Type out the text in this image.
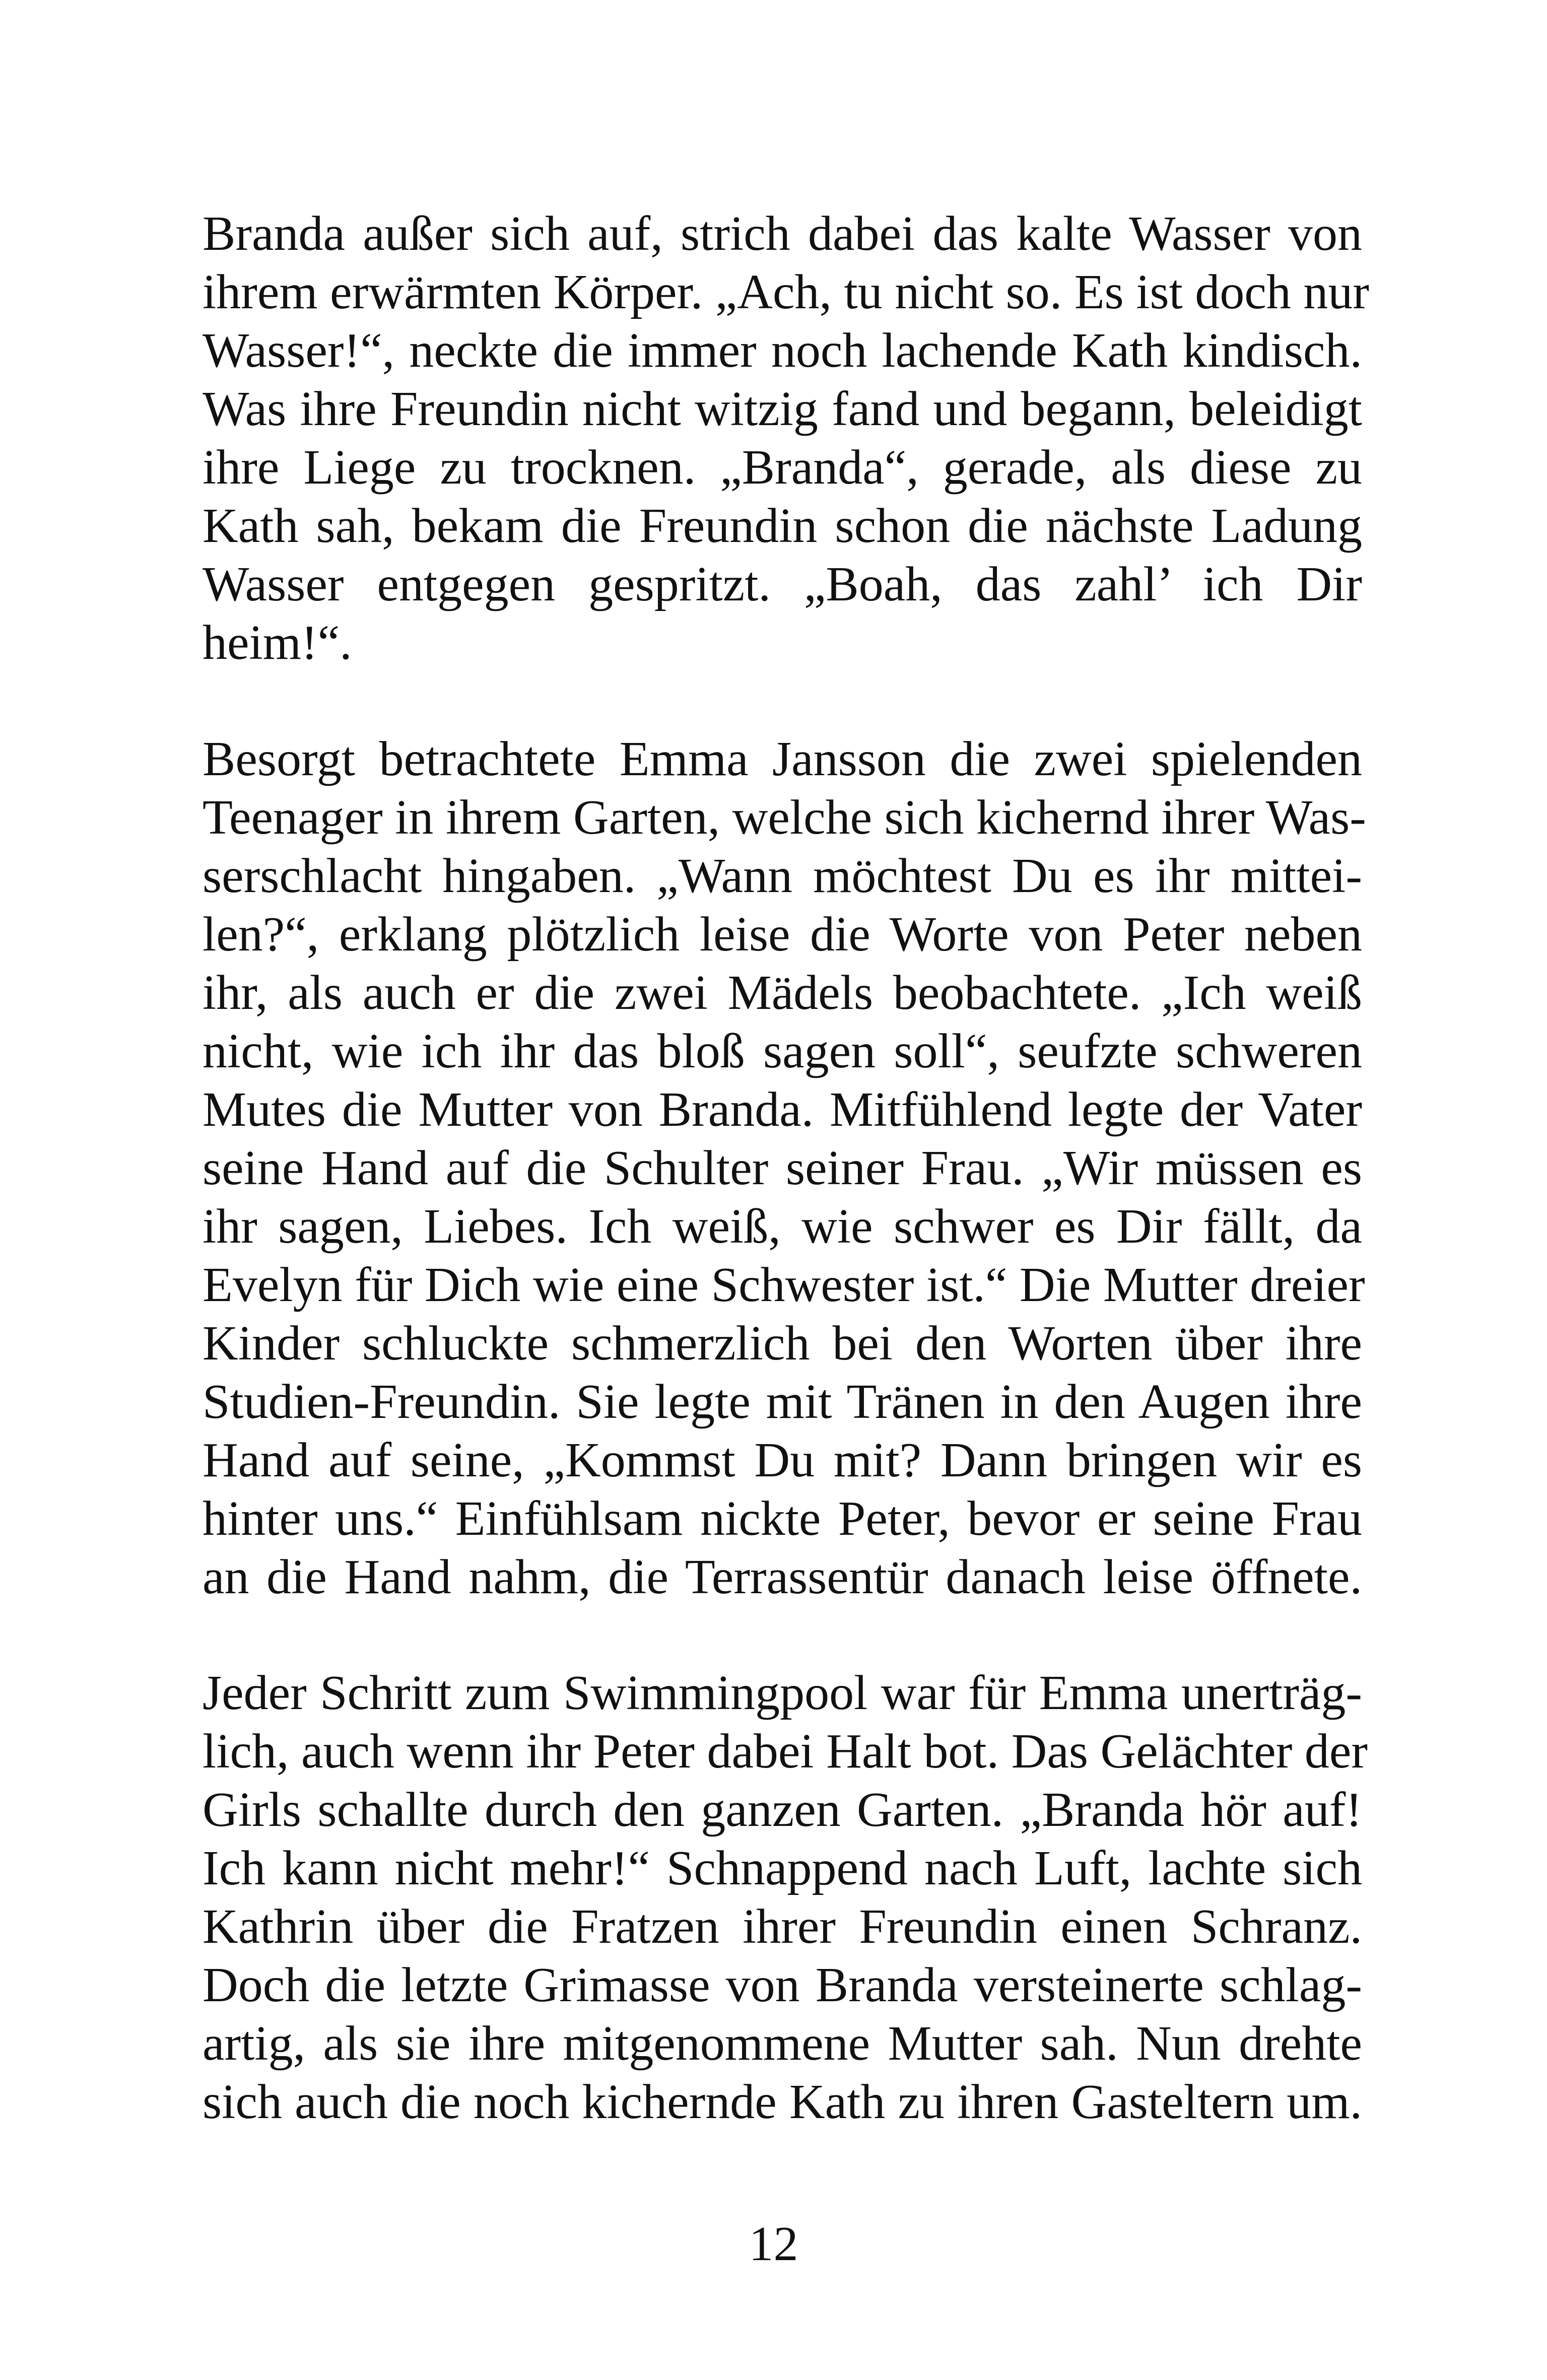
Branda außer sich auf, strich dabei das kalte Wasser von
ihrem erwärmten Körper. „Ach, tu nicht so. Es ist doch nur
Wasser!“, neckte die immer noch lachende Kath kindisch.
Was ihre Freundin nicht witzig fand und begann, beleidigt
ihre Liege zu trocknen. „Branda“, gerade, als diese zu
Kath sah, bekam die Freundin schon die nächste Ladung
Wasser entgegen gespritzt. „Boah, das zahl’ ich Dir
heim!“.
Besorgt betrachtete Emma Jansson die zwei spielenden
Teenager in ihrem Garten, welche sich kichernd ihrer Was-
serschlacht hingaben. „Wann möchtest Du es ihr mittei-
len?“, erklang plötzlich leise die Worte von Peter neben
ihr, als auch er die zwei Mädels beobachtete. „Ich weiß
nicht, wie ich ihr das bloß sagen soll“, seufzte schweren
Mutes die Mutter von Branda. Mitfühlend legte der Vater
seine Hand auf die Schulter seiner Frau. „Wir müssen es
ihr sagen, Liebes. Ich weiß, wie schwer es Dir fällt, da
Evelyn für Dich wie eine Schwester ist.“ Die Mutter dreier
Kinder schluckte schmerzlich bei den Worten über ihre
Studien-Freundin. Sie legte mit Tränen in den Augen ihre
Hand auf seine, „Kommst Du mit? Dann bringen wir es
hinter uns.“ Einfühlsam nickte Peter, bevor er seine Frau
an die Hand nahm, die Terrassentür danach leise öffnete.
Jeder Schritt zum Swimmingpool war für Emma unerträg-
lich, auch wenn ihr Peter dabei Halt bot. Das Gelächter der
Girls schallte durch den ganzen Garten. „Branda hör auf!
Ich kann nicht mehr!“ Schnappend nach Luft, lachte sich
Kathrin über die Fratzen ihrer Freundin einen Schranz.
Doch die letzte Grimasse von Branda versteinerte schlag-
artig, als sie ihre mitgenommene Mutter sah. Nun drehte
sich auch die noch kichernde Kath zu ihren Gasteltern um.
12
